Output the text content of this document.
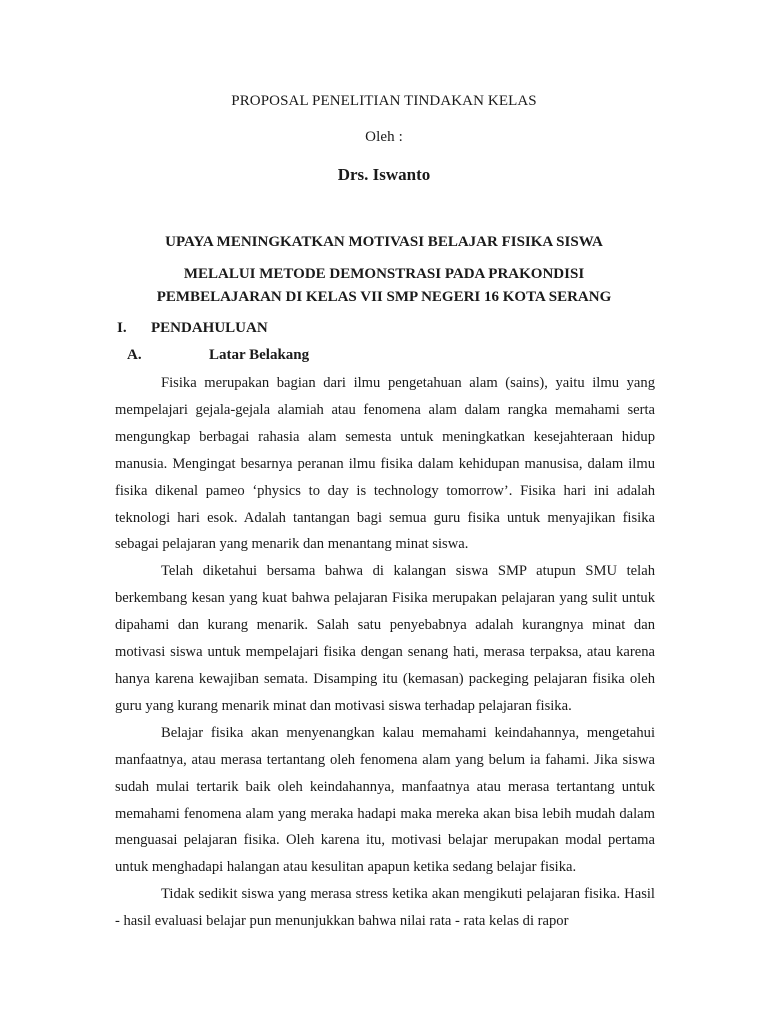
PROPOSAL PENELITIAN TINDAKAN KELAS
Oleh :
Drs. Iswanto
UPAYA MENINGKATKAN MOTIVASI BELAJAR FISIKA SISWA
MELALUI METODE DEMONSTRASI PADA PRAKONDISI
PEMBELAJARAN DI KELAS VII SMP NEGERI 16 KOTA SERANG
I. PENDAHULUAN
A.	Latar Belakang

Fisika merupakan bagian dari ilmu pengetahuan alam (sains), yaitu ilmu yang mempelajari gejala-gejala alamiah atau fenomena alam dalam rangka memahami serta mengungkap berbagai rahasia alam semesta untuk meningkatkan kesejahteraan hidup manusia. Mengingat besarnya peranan ilmu fisika dalam kehidupan manusisa, dalam ilmu fisika dikenal pameo ‘physics to day is technology tomorrow’. Fisika hari ini adalah teknologi hari esok. Adalah tantangan bagi semua guru fisika untuk menyajikan fisika sebagai pelajaran yang menarik dan menantang minat siswa.

Telah diketahui bersama bahwa di kalangan siswa SMP atupun SMU telah berkembang kesan yang kuat bahwa pelajaran Fisika merupakan pelajaran yang sulit untuk dipahami dan kurang menarik. Salah satu penyebabnya adalah kurangnya minat dan motivasi siswa untuk mempelajari fisika dengan senang hati, merasa terpaksa, atau karena hanya karena kewajiban semata. Disamping itu (kemasan) packeging pelajaran fisika oleh guru yang kurang menarik minat dan motivasi siswa terhadap pelajaran fisika.

Belajar fisika akan menyenangkan kalau memahami keindahannya, mengetahui manfaatnya, atau merasa tertantang oleh fenomena alam yang belum ia fahami. Jika siswa sudah mulai tertarik baik oleh keindahannya, manfaatnya atau merasa tertantang untuk memahami fenomena alam yang meraka hadapi maka mereka akan bisa lebih mudah dalam menguasai pelajaran fisika. Oleh karena itu, motivasi belajar merupakan modal pertama untuk menghadapi halangan atau kesulitan apapun ketika sedang belajar fisika.

Tidak sedikit siswa yang merasa stress ketika akan mengikuti pelajaran fisika. Hasil - hasil evaluasi belajar pun menunjukkan bahwa nilai rata - rata kelas di rapor
